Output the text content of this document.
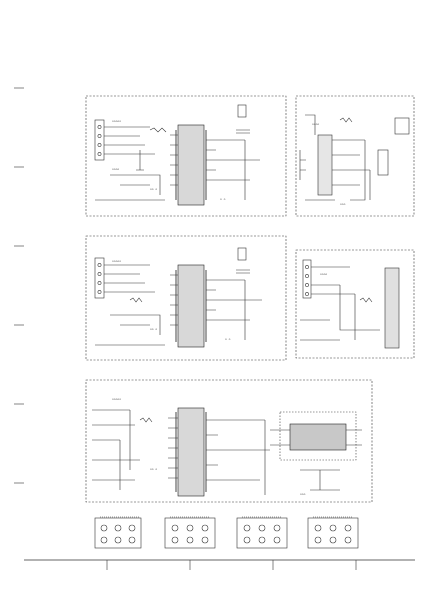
ooooo
oooo
oo o
o o
oooo
ooo
ooooo
oo o
o o
oooo
ooooo
oo o
ooo
